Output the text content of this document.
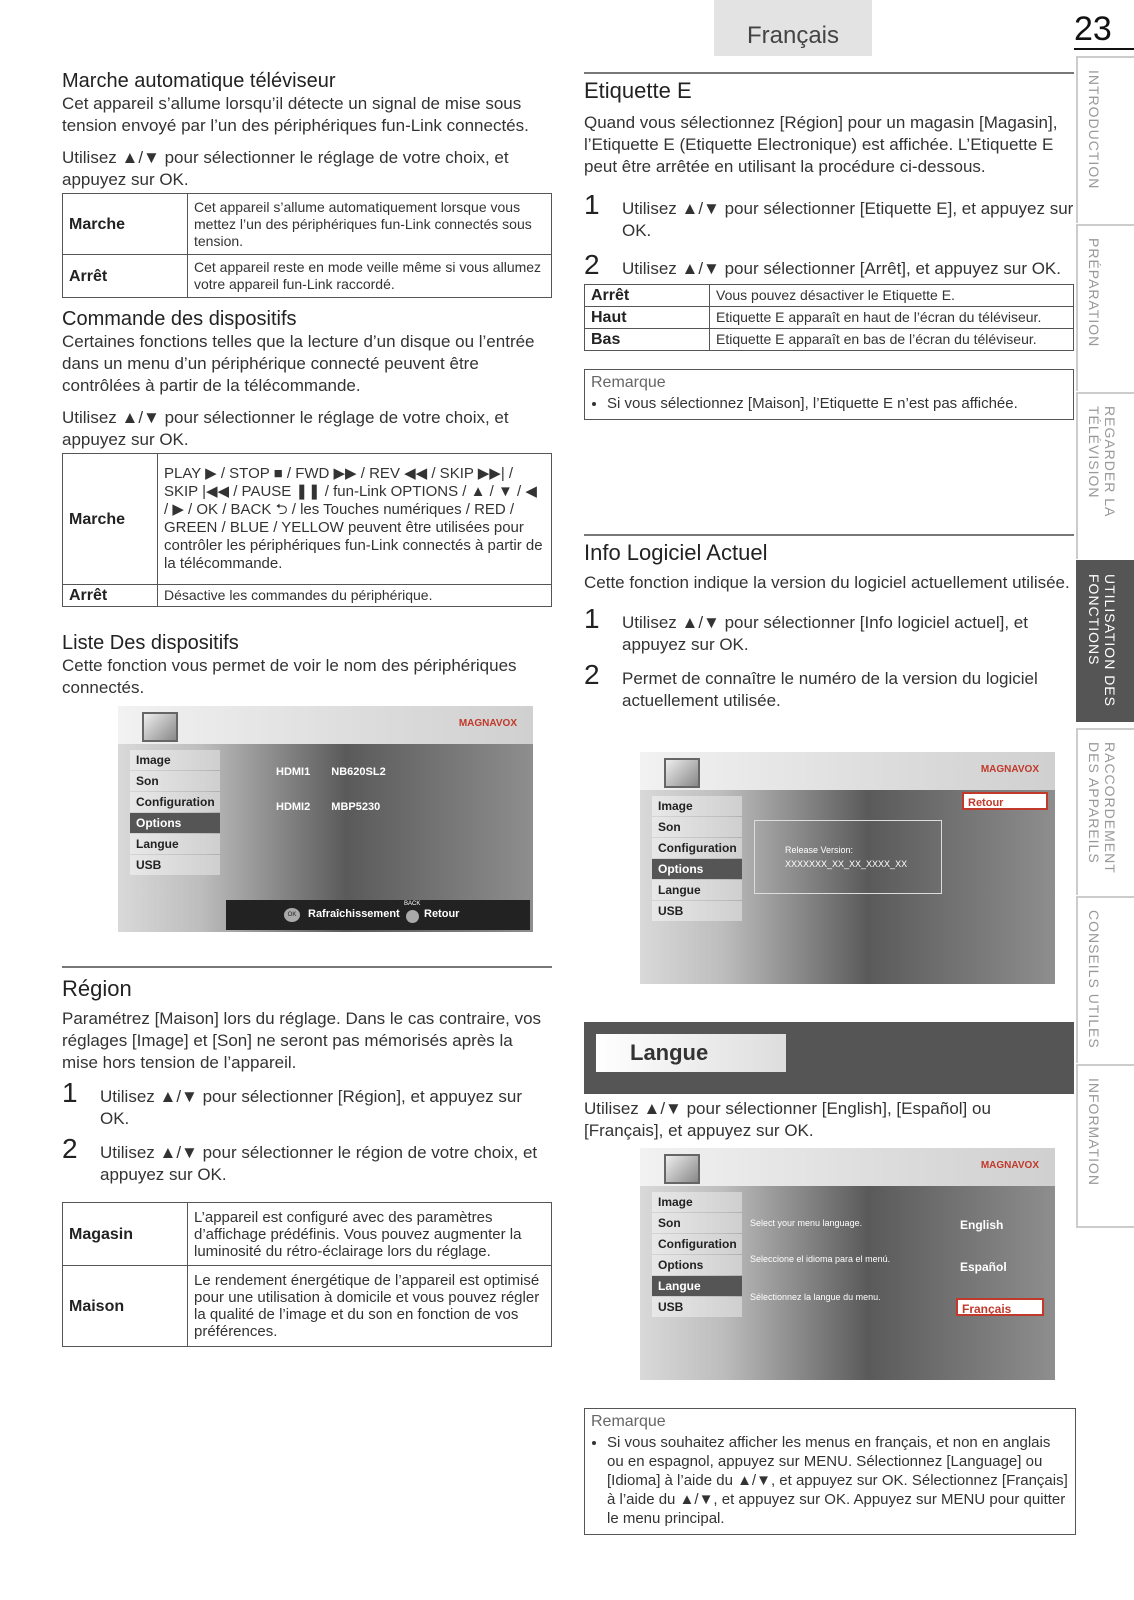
Français	23
INTRODUCTION
PRÉPARATION
REGARDER LA
TÉLÉVISION
UTILISATION DES
FONCTIONS
RACCORDEMENT
DES APPAREILS
CONSEILS UTILES
INFORMATION
Marche automatique téléviseur

Cet appareil s’allume lorsqu’il détecte un signal de mise sous tension envoyé par l’un des périphériques fun-Link connectés.

Utilisez ▲/▼ pour sélectionner le réglage de votre choix, et appuyez sur OK.

Marche	Cet appareil s’allume automatiquement lorsque vous mettez l’un des périphériques fun-Link connectés sous tension.
Arrêt	Cet appareil reste en mode veille même si vous allumez votre appareil fun-Link raccordé.
Commande des dispositifs

Certaines fonctions telles que la lecture d’un disque ou l’entrée dans un menu d’un périphérique connecté peuvent être contrôlées à partir de la télécommande.

Utilisez ▲/▼ pour sélectionner le réglage de votre choix, et appuyez sur OK.

Marche	PLAY ▶ / STOP ■ / FWD ▶▶ / REV ◀◀ / SKIP ▶▶| / SKIP |◀◀ / PAUSE ❚❚ / fun-Link OPTIONS / ▲ / ▼ / ◀ / ▶ / OK / BACK ⮌ / les Touches numériques / RED / GREEN / BLUE / YELLOW peuvent être utilisées pour contrôler les périphériques fun-Link connectés à partir de la télécommande.
Arrêt	Désactive les commandes du périphérique.
Liste Des dispositifs

Cette fonction vous permet de voir le nom des périphériques connectés.

MAGNAVOX
Image
Son
Configuration
Options
Langue
USB
HDMI1 NB620SL2
HDMI2 MBP5230
OK	Rafraîchissement
BACK
Retour
Région

Paramétrez [Maison] lors du réglage. Dans le cas contraire, vos réglages [Image] et [Son] ne seront pas mémorisés après la mise hors tension de l’appareil.

1 Utilisez ▲/▼ pour sélectionner [Région], et appuyez sur OK.
2 Utilisez ▲/▼ pour sélectionner le région de votre choix, et appuyez sur OK.
Magasin	L’appareil est configuré avec des paramètres d’affichage prédéfinis. Vous pouvez augmenter la luminosité du rétro-éclairage lors du réglage.
Maison	Le rendement énergétique de l’appareil est optimisé pour une utilisation à domicile et vous pouvez régler la qualité de l’image et du son en fonction de vos préférences.
Etiquette E

Quand vous sélectionnez [Région] pour un magasin [Magasin], l’Etiquette E (Etiquette Electronique) est affichée. L’Etiquette E peut être arrêtée en utilisant la procédure ci-dessous.

1 Utilisez ▲/▼ pour sélectionner [Etiquette E], et appuyez sur OK.
2 Utilisez ▲/▼ pour sélectionner [Arrêt], et appuyez sur OK.
Arrêt	Vous pouvez désactiver le Etiquette E.
Haut	Etiquette E apparaît en haut de l’écran du téléviseur.
Bas	Etiquette E apparaît en bas de l’écran du téléviseur.
Remarque
• Si vous sélectionnez [Maison], l’Etiquette E n’est pas affichée.
Info Logiciel Actuel

Cette fonction indique la version du logiciel actuellement utilisée.

1 Utilisez ▲/▼ pour sélectionner [Info logiciel actuel], et appuyez sur OK.
2 Permet de connaître le numéro de la version du logiciel actuellement utilisée.
MAGNAVOX
Image
Son
Configuration
Options
Langue
USB
Retour
Release Version:
XXXXXXX_XX_XX_XXXX_XX
Langue

Utilisez ▲/▼ pour sélectionner [English], [Español] ou [Français], et appuyez sur OK.

MAGNAVOX
Image
Son
Configuration
Options
Langue
USB
Select your menu language.
Seleccione el idioma para el menú.
Sélectionnez la langue du menu.
English
Español
Français
Remarque
• Si vous souhaitez afficher les menus en français, et non en anglais ou en espagnol, appuyez sur MENU. Sélectionnez [Language] ou [Idioma] à l’aide du ▲/▼, et appuyez sur OK. Sélectionnez [Français] à l’aide du ▲/▼, et appuyez sur OK. Appuyez sur MENU pour quitter le menu principal.
